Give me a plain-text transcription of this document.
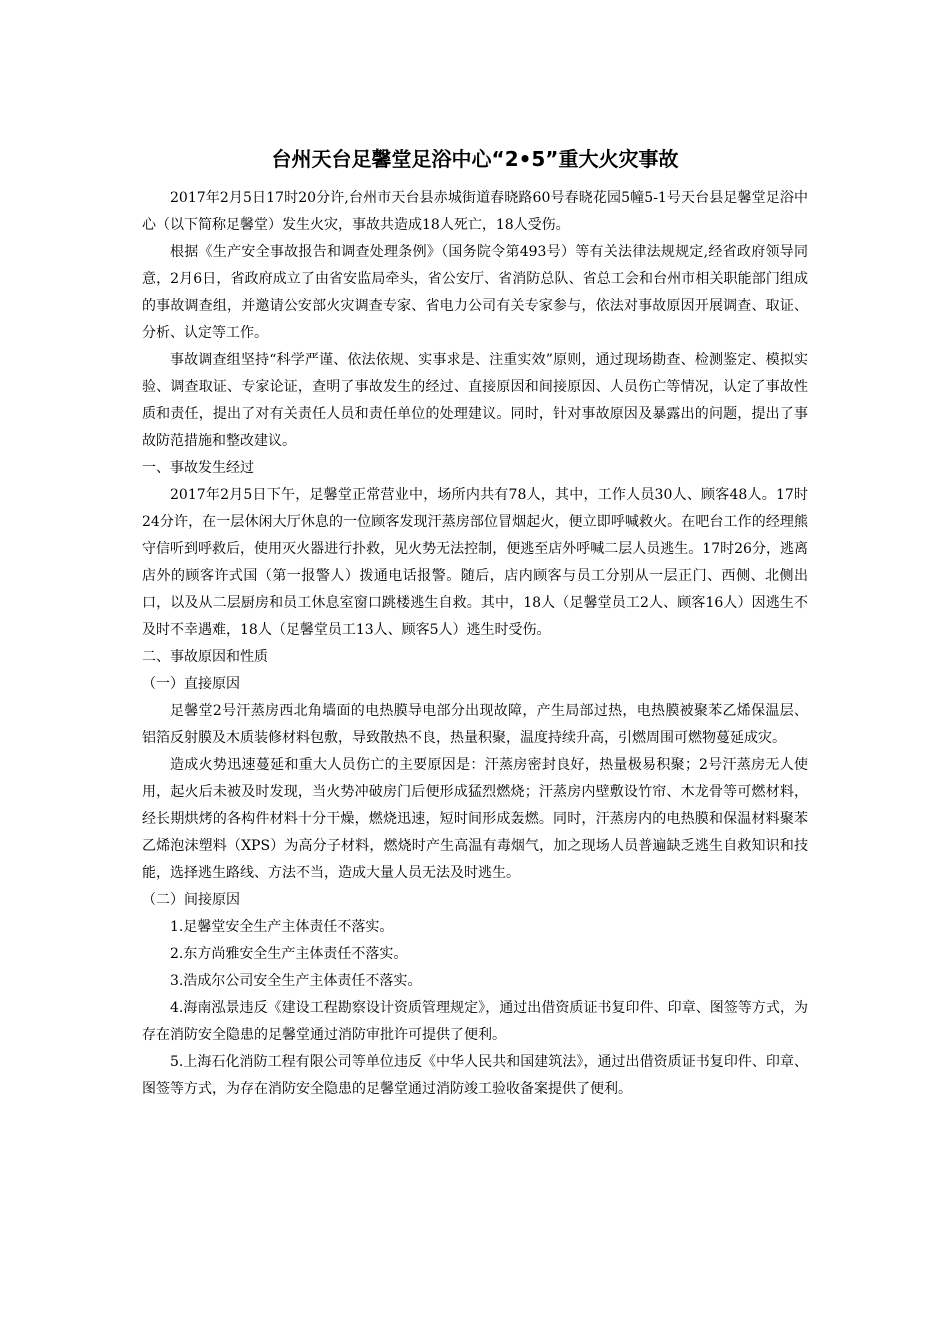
台州天台足馨堂足浴中心“2•5”重大火灾事故

2017年2月5日17时20分许,台州市天台县赤城街道春晓路60号春晓花园5幢5-1号天台县足馨堂足浴中心（以下简称足馨堂）发生火灾，事故共造成18人死亡，18人受伤。

根据《生产安全事故报告和调查处理条例》（国务院令第493号）等有关法律法规规定,经省政府领导同意，2月6日，省政府成立了由省安监局牵头，省公安厅、省消防总队、省总工会和台州市相关职能部门组成的事故调查组，并邀请公安部火灾调查专家、省电力公司有关专家参与，依法对事故原因开展调查、取证、分析、认定等工作。

事故调查组坚持“科学严谨、依法依规、实事求是、注重实效”原则，通过现场勘查、检测鉴定、模拟实验、调查取证、专家论证，查明了事故发生的经过、直接原因和间接原因、人员伤亡等情况，认定了事故性质和责任，提出了对有关责任人员和责任单位的处理建议。同时，针对事故原因及暴露出的问题，提出了事故防范措施和整改建议。

一、事故发生经过

2017年2月5日下午，足馨堂正常营业中，场所内共有78人，其中，工作人员30人、顾客48人。17时24分许，在一层休闲大厅休息的一位顾客发现汗蒸房部位冒烟起火，便立即呼喊救火。在吧台工作的经理熊守信听到呼救后，使用灭火器进行扑救，见火势无法控制，便逃至店外呼喊二层人员逃生。17时26分，逃离店外的顾客许式国（第一报警人）拨通电话报警。随后，店内顾客与员工分别从一层正门、西侧、北侧出口，以及从二层厨房和员工休息室窗口跳楼逃生自救。其中，18人（足馨堂员工2人、顾客16人）因逃生不及时不幸遇难，18人（足馨堂员工13人、顾客5人）逃生时受伤。

二、事故原因和性质

（一）直接原因

足馨堂2号汗蒸房西北角墙面的电热膜导电部分出现故障，产生局部过热，电热膜被聚苯乙烯保温层、铝箔反射膜及木质装修材料包敷，导致散热不良，热量积聚，温度持续升高，引燃周围可燃物蔓延成灾。

造成火势迅速蔓延和重大人员伤亡的主要原因是：汗蒸房密封良好，热量极易积聚；2号汗蒸房无人使用，起火后未被及时发现，当火势冲破房门后便形成猛烈燃烧；汗蒸房内壁敷设竹帘、木龙骨等可燃材料，经长期烘烤的各构件材料十分干燥，燃烧迅速，短时间形成轰燃。同时，汗蒸房内的电热膜和保温材料聚苯乙烯泡沫塑料（XPS）为高分子材料，燃烧时产生高温有毒烟气，加之现场人员普遍缺乏逃生自救知识和技能，选择逃生路线、方法不当，造成大量人员无法及时逃生。

（二）间接原因

1.足馨堂安全生产主体责任不落实。

2.东方尚雅安全生产主体责任不落实。

3.浩成尔公司安全生产主体责任不落实。

4.海南泓景违反《建设工程勘察设计资质管理规定》，通过出借资质证书复印件、印章、图签等方式，为存在消防安全隐患的足馨堂通过消防审批许可提供了便利。

5.上海石化消防工程有限公司等单位违反《中华人民共和国建筑法》，通过出借资质证书复印件、印章、图签等方式，为存在消防安全隐患的足馨堂通过消防竣工验收备案提供了便利。
